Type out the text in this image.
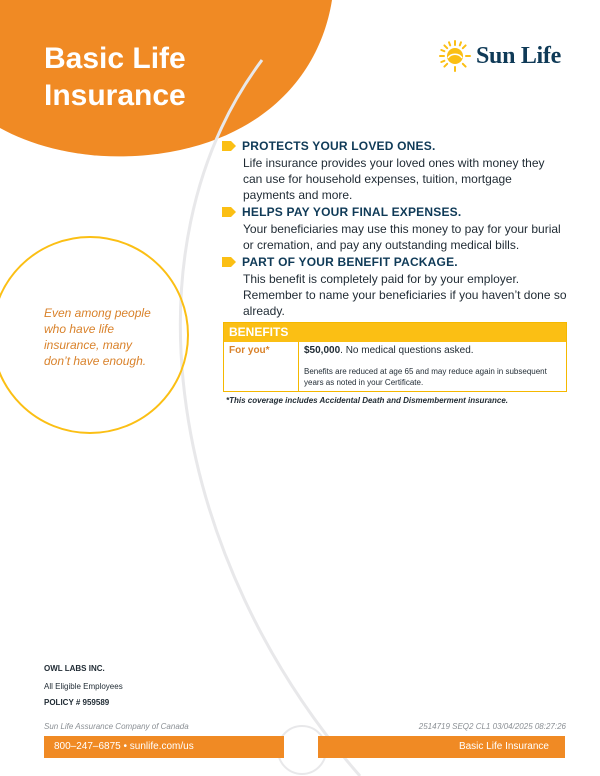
Basic Life
Insurance
Sun Life
PROTECTS YOUR LOVED ONES.
Life insurance provides your loved ones with money they can use for household expenses, tuition, mortgage payments and more.
HELPS PAY YOUR FINAL EXPENSES.
Your beneficiaries may use this money to pay for your burial or cremation, and pay any outstanding medical bills.
PART OF YOUR BENEFIT PACKAGE.
This benefit is completely paid for by your employer. Remember to name your beneficiaries if you haven’t done so already.
Even among people who have life insurance, many don’t have enough.
BENEFITS
For you*	$50,000. No medical questions asked.
Benefits are reduced at age 65 and may reduce again in subsequent years as noted in your Certificate.
*This coverage includes Accidental Death and Dismemberment insurance.
OWL LABS INC.
All Eligible Employees
POLICY # 959589
Sun Life Assurance Company of Canada	2514719 SEQ2 CL1 03/04/2025 08:27:26
800–247–6875 • sunlife.com/us	Basic Life Insurance
